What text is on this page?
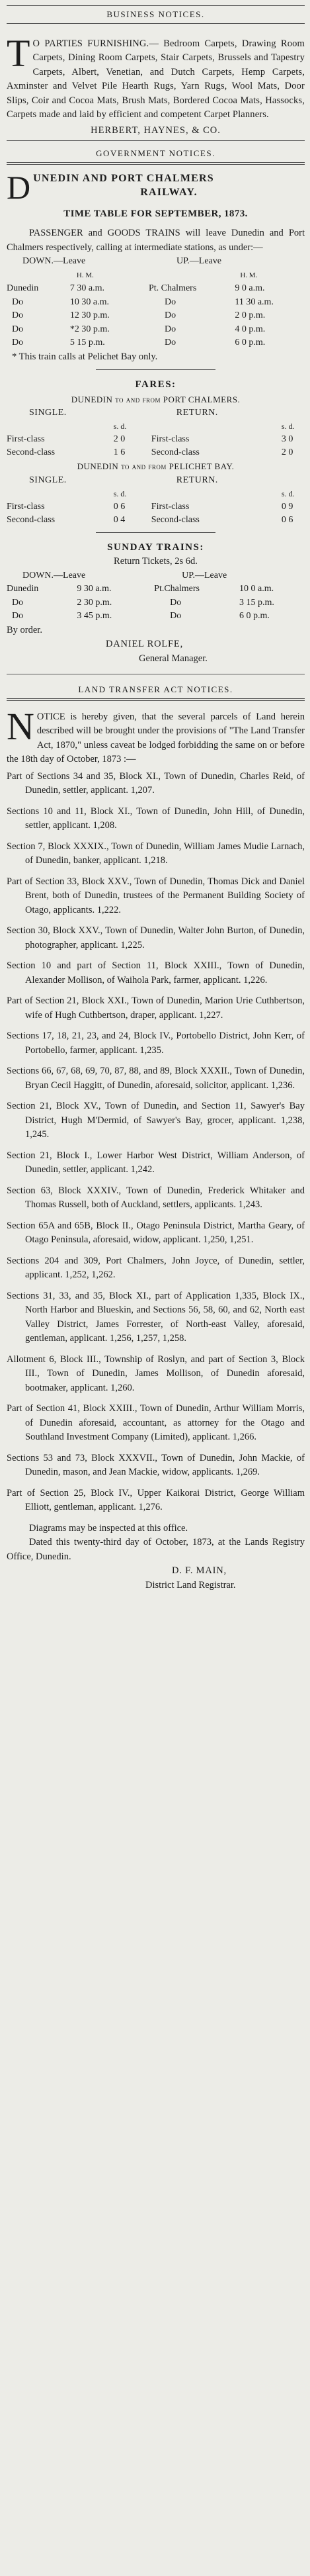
BUSINESS NOTICES.

T O PARTIES FURNISHING.— Bedroom Carpets, Drawing Room Carpets, Dining Room Carpets, Stair Carpets, Brussels and Tapestry Carpets, Albert, Venetian, and Dutch Carpets, Hemp Carpets, Axminster and Velvet Pile Hearth Rugs, Yarn Rugs, Wool Mats, Door Slips, Coir and Cocoa Mats, Brush Mats, Bordered Cocoa Mats, Hassocks, Carpets made and laid by efficient and competent Carpet Planners.

HERBERT, HAYNES, & CO.

GOVERNMENT NOTICES.

D UNEDIN AND PORT CHALMERS

RAILWAY.

TIME TABLE FOR SEPTEMBER, 1873.

PASSENGER and GOODS TRAINS will leave Dunedin and Port Chalmers respectively, calling at intermediate stations, as under:—

DOWN.—Leave		UP.—Leave	
	H. M.		H. M.
Dunedin	7 30 a.m.	Pt. Chalmers	9 0 a.m.
Do	10 30 a.m.	Do	11 30 a.m.
Do	12 30 p.m.	Do	2 0 p.m.
Do	*2 30 p.m.	Do	4 0 p.m.
Do	5 15 p.m.	Do	6 0 p.m.

* This train calls at Pelichet Bay only.

FARES:

DUNEDIN to and from PORT CHALMERS.

SINGLE.		RETURN.	
	s. d.		s. d.
First-class	2 0	First-class	3 0
Second-class	1 6	Second-class	2 0

DUNEDIN to and from PELICHET BAY.

SINGLE.		RETURN.	
	s. d.		s. d.
First-class	0 6	First-class	0 9
Second-class	0 4	Second-class	0 6

SUNDAY TRAINS:

Return Tickets, 2s 6d.

DOWN.—Leave		UP.—Leave	
Dunedin	9 30 a.m.	Pt.Chalmers	10 0 a.m.
Do	2 30 p.m.	Do	3 15 p.m.
Do	3 45 p.m.	Do	6 0 p.m.

By order.

DANIEL ROLFE,

General Manager.

LAND TRANSFER ACT NOTICES.

N OTICE is hereby given, that the several parcels of Land herein described will be brought under the provisions of "The Land Transfer Act, 1870," unless caveat be lodged forbidding the same on or before the 18th day of October, 1873 :—

Part of Sections 34 and 35, Block XI., Town of Dunedin, Charles Reid, of Dunedin, settler, applicant. 1,207.

Sections 10 and 11, Block XI., Town of Dunedin, John Hill, of Dunedin, settler, applicant. 1,208.

Section 7, Block XXXIX., Town of Dunedin, William James Mudie Larnach, of Dunedin, banker, applicant. 1,218.

Part of Section 33, Block XXV., Town of Dunedin, Thomas Dick and Daniel Brent, both of Dunedin, trustees of the Permanent Building Society of Otago, applicants. 1,222.

Section 30, Block XXV., Town of Dunedin, Walter John Burton, of Dunedin, photographer, applicant. 1,225.

Section 10 and part of Section 11, Block XXIII., Town of Dunedin, Alexander Mollison, of Waihola Park, farmer, applicant. 1,226.

Part of Section 21, Block XXI., Town of Dunedin, Marion Urie Cuthbertson, wife of Hugh Cuthbertson, draper, applicant. 1,227.

Sections 17, 18, 21, 23, and 24, Block IV., Portobello District, John Kerr, of Portobello, farmer, applicant. 1,235.

Sections 66, 67, 68, 69, 70, 87, 88, and 89, Block XXXII., Town of Dunedin, Bryan Cecil Haggitt, of Dunedin, aforesaid, solicitor, applicant. 1,236.

Section 21, Block XV., Town of Dunedin, and Section 11, Sawyer's Bay District, Hugh M'Dermid, of Sawyer's Bay, grocer, applicant. 1,238, 1,245.

Section 21, Block I., Lower Harbor West District, William Anderson, of Dunedin, settler, applicant. 1,242.

Section 63, Block XXXIV., Town of Dunedin, Frederick Whitaker and Thomas Russell, both of Auckland, settlers, applicants. 1,243.

Section 65A and 65B, Block II., Otago Peninsula District, Martha Geary, of Otago Peninsula, aforesaid, widow, applicant. 1,250, 1,251.

Sections 204 and 309, Port Chalmers, John Joyce, of Dunedin, settler, applicant. 1,252, 1,262.

Sections 31, 33, and 35, Block XI., part of Application 1,335, Block IX., North Harbor and Blueskin, and Sections 56, 58, 60, and 62, North east Valley District, James Forrester, of North-east Valley, aforesaid, gentleman, applicant. 1,256, 1,257, 1,258.

Allotment 6, Block III., Township of Roslyn, and part of Section 3, Block III., Town of Dunedin, James Mollison, of Dunedin aforesaid, bootmaker, applicant. 1,260.

Part of Section 41, Block XXIII., Town of Dunedin, Arthur William Morris, of Dunedin aforesaid, accountant, as attorney for the Otago and Southland Investment Company (Limited), applicant. 1,266.

Sections 53 and 73, Block XXXVII., Town of Dunedin, John Mackie, of Dunedin, mason, and Jean Mackie, widow, applicants. 1,269.

Part of Section 25, Block IV., Upper Kaikorai District, George William Elliott, gentleman, applicant. 1,276.

Diagrams may be inspected at this office.

Dated this twenty-third day of October, 1873, at the Lands Registry Office, Dunedin.

D. F. MAIN,

District Land Registrar.
